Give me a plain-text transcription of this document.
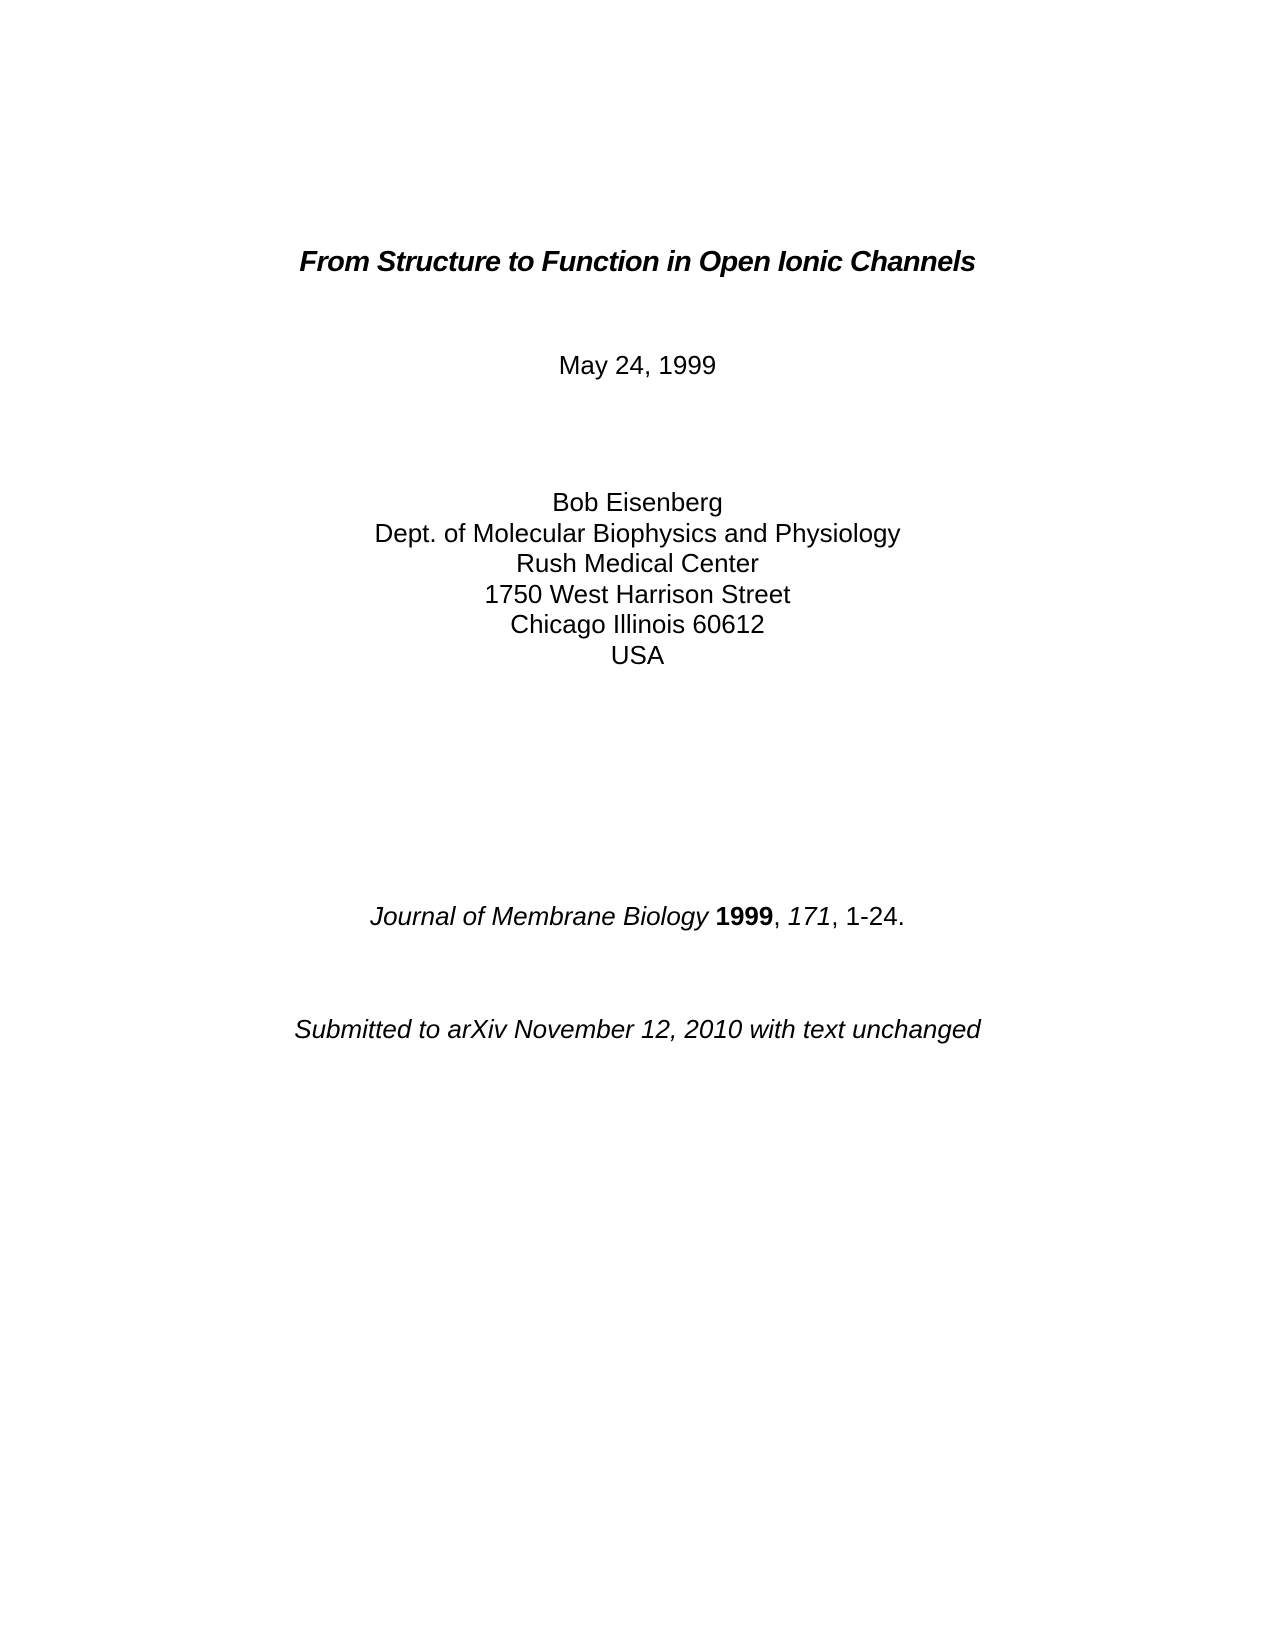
From Structure to Function in Open Ionic Channels
May 24, 1999
Bob Eisenberg
Dept. of Molecular Biophysics and Physiology
Rush Medical Center
1750 West Harrison Street
Chicago Illinois 60612
USA
Journal of Membrane Biology 1999, 171, 1-24.
Submitted to arXiv November 12, 2010 with text unchanged
